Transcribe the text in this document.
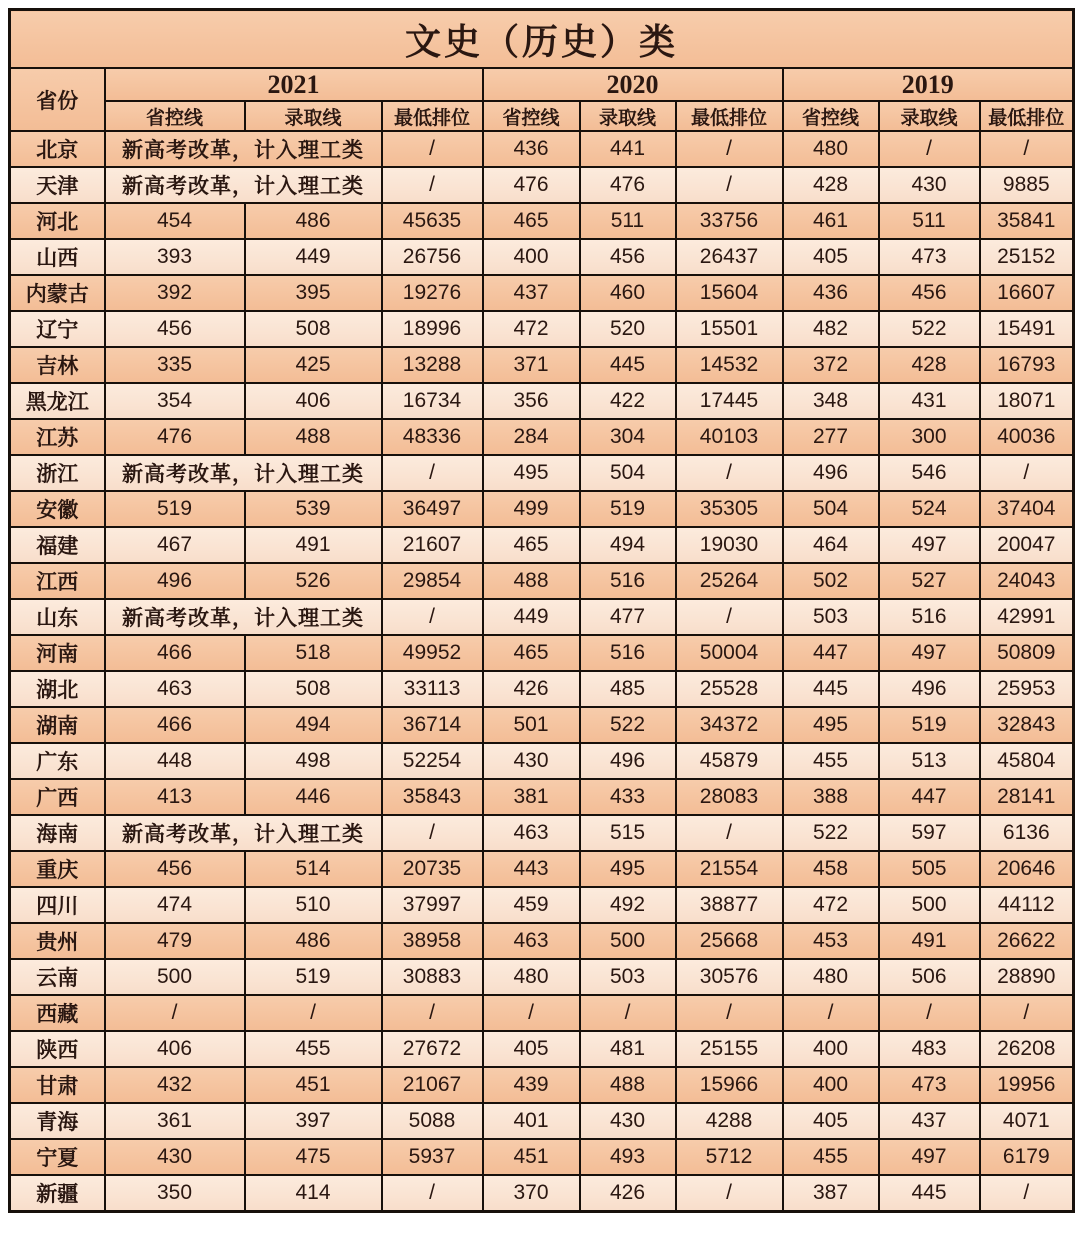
文史（历史）类									
省份	2021			2020			2019		
	省控线	录取线	最低排位	省控线	录取线	最低排位	省控线	录取线	最低排位
北京	新高考改革，计入理工类		/	436	441	/	480	/	/
天津	新高考改革，计入理工类		/	476	476	/	428	430	9885
河北	454	486	45635	465	511	33756	461	511	35841
山西	393	449	26756	400	456	26437	405	473	25152
内蒙古	392	395	19276	437	460	15604	436	456	16607
辽宁	456	508	18996	472	520	15501	482	522	15491
吉林	335	425	13288	371	445	14532	372	428	16793
黑龙江	354	406	16734	356	422	17445	348	431	18071
江苏	476	488	48336	284	304	40103	277	300	40036
浙江	新高考改革，计入理工类		/	495	504	/	496	546	/
安徽	519	539	36497	499	519	35305	504	524	37404
福建	467	491	21607	465	494	19030	464	497	20047
江西	496	526	29854	488	516	25264	502	527	24043
山东	新高考改革，计入理工类		/	449	477	/	503	516	42991
河南	466	518	49952	465	516	50004	447	497	50809
湖北	463	508	33113	426	485	25528	445	496	25953
湖南	466	494	36714	501	522	34372	495	519	32843
广东	448	498	52254	430	496	45879	455	513	45804
广西	413	446	35843	381	433	28083	388	447	28141
海南	新高考改革，计入理工类		/	463	515	/	522	597	6136
重庆	456	514	20735	443	495	21554	458	505	20646
四川	474	510	37997	459	492	38877	472	500	44112
贵州	479	486	38958	463	500	25668	453	491	26622
云南	500	519	30883	480	503	30576	480	506	28890
西藏	/	/	/	/	/	/	/	/	/
陕西	406	455	27672	405	481	25155	400	483	26208
甘肃	432	451	21067	439	488	15966	400	473	19956
青海	361	397	5088	401	430	4288	405	437	4071
宁夏	430	475	5937	451	493	5712	455	497	6179
新疆	350	414	/	370	426	/	387	445	/
